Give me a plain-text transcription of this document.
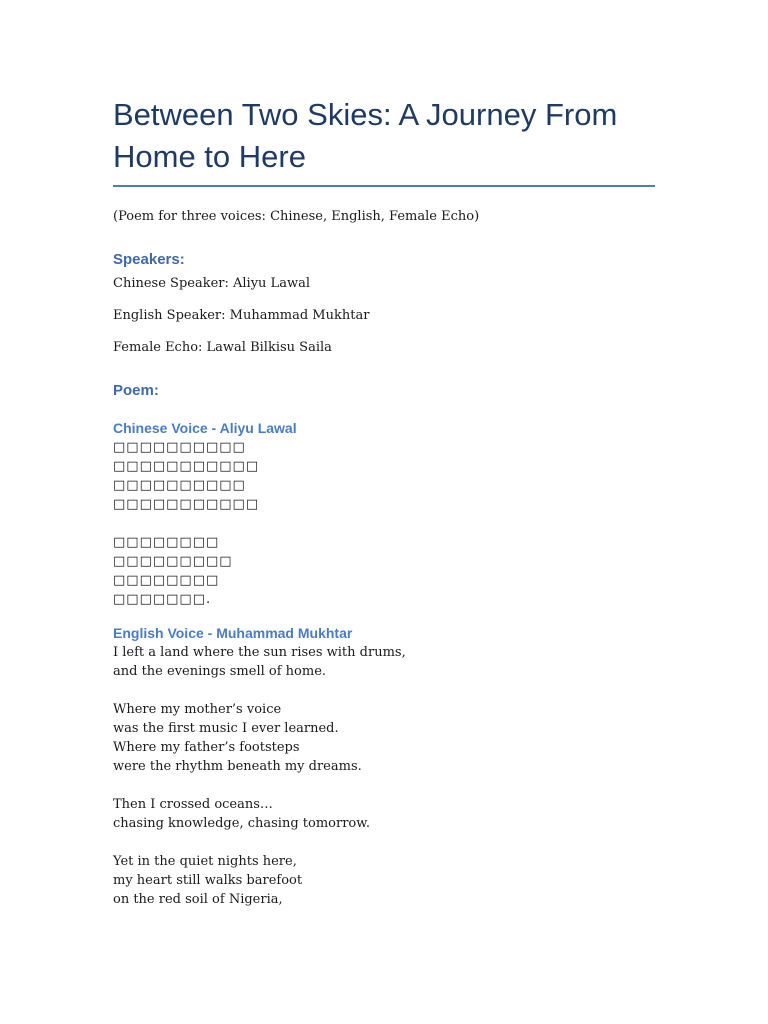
Between Two Skies: A Journey From Home to Here
(Poem for three voices: Chinese, English, Female Echo)
Speakers:
Chinese Speaker: Aliyu Lawal
English Speaker: Muhammad Mukhtar
Female Echo: Lawal Bilkisu Saila
Poem:
Chinese Voice - Aliyu Lawal
□□□□□□□□□□
□□□□□□□□□□□
□□□□□□□□□□
□□□□□□□□□□□
□□□□□□□□
□□□□□□□□□
□□□□□□□□
□□□□□□□.
English Voice - Muhammad Mukhtar
I left a land where the sun rises with drums,
and the evenings smell of home.
Where my mother’s voice
was the first music I ever learned.
Where my father’s footsteps
were the rhythm beneath my dreams.
Then I crossed oceans…
chasing knowledge, chasing tomorrow.
Yet in the quiet nights here,
my heart still walks barefoot
on the red soil of Nigeria,
